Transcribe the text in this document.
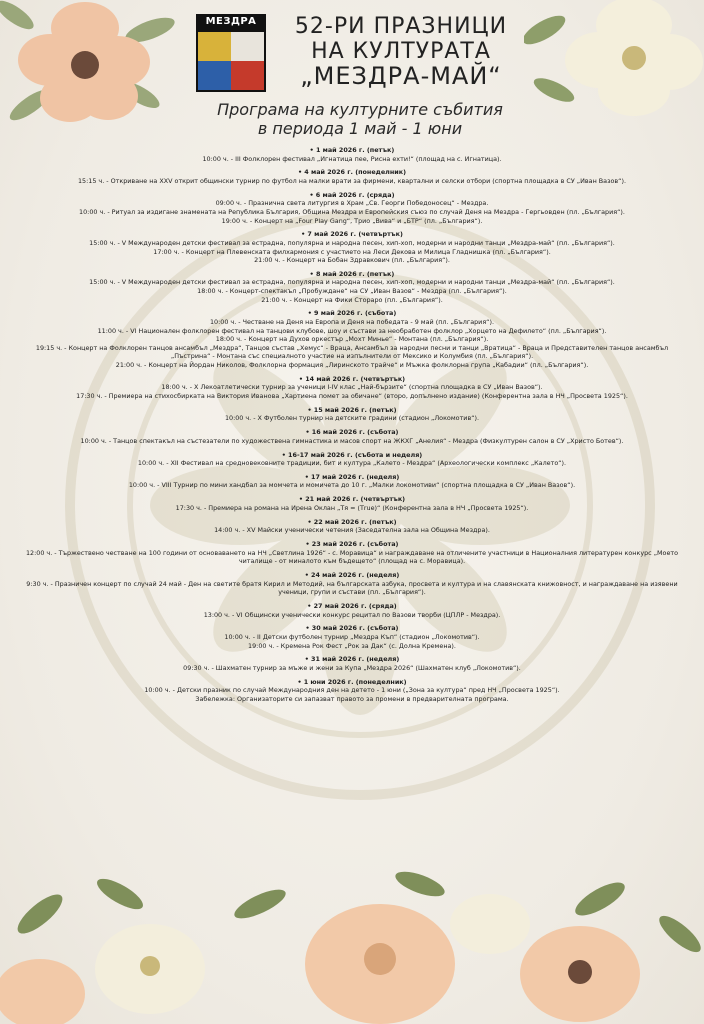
МЕЗДРА	52-РИ ПРАЗНИЦИ
НА КУЛТУРАТА
„МЕЗДРА-МАЙ“
Програма на културните събития
в периода 1 май - 1 юни
• 1 май 2026 г. (петък)
10:00 ч. - III Фолклорен фестивал „Игнатица пее, Рисна ехти!“ (площад на с. Игнатица).
• 4 май 2026 г. (понеделник)
15:15 ч. - Откриване на XXV открит общински турнир по футбол на малки врати за фирмени, квартални и селски отбори (спортна площадка в СУ „Иван Вазов“).
• 6 май 2026 г. (сряда)
09:00 ч. - Празнична света литургия в Храм „Св. Георги Победоносец“ - Мездра.
10:00 ч. - Ритуал за издигане знамената на Република България, Община Мездра и Европейския съюз по случай Деня на Мездра - Гергьовден (пл. „България“).
19:00 ч. - Концерт на „Four Play Gang“, Трио „Вива“ и „БТР“ (пл. „България“).
• 7 май 2026 г. (четвъртък)
15:00 ч. - V Международен детски фестивал за естрадна, популярна и народна песен, хип-хоп, модерни и народни танци „Мездра-май“ (пл. „България“).
17:00 ч. - Концерт на Плевенската филхармония с участието на Леси Декова и Милица Гладнишка (пл. „България“).
21:00 ч. - Концерт на Бобан Здравкович (пл. „България“).
• 8 май 2026 г. (петък)
15:00 ч. - V Международен детски фестивал за естрадна, популярна и народна песен, хип-хоп, модерни и народни танци „Мездра-май“ (пл. „България“).
18:00 ч. - Концерт-спектакъл „Пробуждане“ на СУ „Иван Вазов“ - Мездра (пл. „България“).
21:00 ч. - Концерт на Фики Стораро (пл. „България“).
• 9 май 2026 г. (събота)
10:00 ч. - Честване на Деня на Европа и Деня на победата - 9 май (пл. „България“).
11:00 ч. - VI Национален фолклорен фестивал на танцови клубове, шоу и състави за необработен фолклор „Хорцето на Дефилето“ (пл. „България“).
18:00 ч. - Концерт на Духов оркестър „Мохт Минье“ - Монтана (пл. „България“).
19:15 ч. - Концерт на Фолклорен танцов ансамбъл „Мездра“, Танцов състав „Хемус“ - Враца, Ансамбъл за народни песни и танци „Вратица“ - Враца и Представителен танцов ансамбъл „Пъстрина“ - Монтана със специалното участие на изпълнители от Мексико и Колумбия (пл. „България“).
21:00 ч. - Концерт на Йордан Николов, Фолклорна формация „Лиринското трайче“ и Мъжка фолклорна група „Кабадии“ (пл. „България“).
• 14 май 2026 г. (четвъртък)
18:00 ч. - X Лекоатлетически турнир за ученици I-IV клас „Най-бързите“ (спортна площадка в СУ „Иван Вазов“).
17:30 ч. - Премиера на стихосбирката на Виктория Иванова „Хартиена помет за обичане“ (второ, допълнено издание) (Конферентна зала в НЧ „Просвета 1925“).
• 15 май 2026 г. (петък)
10:00 ч. - X Футболен турнир на детските градини (стадион „Локомотив“).
• 16 май 2026 г. (събота)
10:00 ч. - Танцов спектакъл на състезатели по художествена гимнастика и масов спорт на ЖКХГ „Анелия“ - Мездра (Физкултурен салон в СУ „Христо Ботев“).
• 16-17 май 2026 г. (събота и неделя)
10:00 ч. - XII Фестивал на средновековните традиции, бит и култура „Калето - Мездра“ (Археологически комплекс „Калето“).
• 17 май 2026 г. (неделя)
10:00 ч. - VIII Турнир по мини хандбал за момчета и момичета до 10 г. „Малки локомотиви“ (спортна площадка в СУ „Иван Вазов“).
• 21 май 2026 г. (четвъртък)
17:30 ч. - Премиера на романа на Ирена Оклан „Тя = (Тrue)“ (Конферентна зала в НЧ „Просвета 1925“).
• 22 май 2026 г. (петък)
14:00 ч. - XV Майски ученически четения (Заседателна зала на Община Мездра).
• 23 май 2026 г. (събота)
12:00 ч. - Тържествено честване на 100 години от основаването на НЧ „Светлина 1926“ - с. Моравица“ и награждаване на отличените участници в Националния литературен конкурс „Моето читалище - от миналото към бъдещето“ (площад на с. Моравица).
• 24 май 2026 г. (неделя)
9:30 ч. - Празничен концерт по случай 24 май - Ден на светите братя Кирил и Методий, на българската азбука, просвета и култура и на славянската книжовност, и награждаване на изявени ученици, групи и състави (пл. „България“).
• 27 май 2026 г. (сряда)
13:00 ч. - VI Общински ученически конкурс рецитал по Вазови творби (ЦПЛР - Мездра).
• 30 май 2026 г. (събота)
10:00 ч. - II Детски футболен турнир „Мездра Къп“ (стадион „Локомотив“).
19:00 ч. - Кремена Рок Фест „Рок за Дак“ (с. Долна Кремена).
• 31 май 2026 г. (неделя)
09:30 ч. - Шахматен турнир за мъже и жени за Купа „Мездра 2026“ (Шахматен клуб „Локомотив“).
• 1 юни 2026 г. (понеделник)
10:00 ч. - Детски празник по случай Международния ден на детето - 1 юни („Зона за култура“ пред НЧ „Просвета 1925“).
Забележка: Организаторите си запазват правото за промени в предварителната програма.
